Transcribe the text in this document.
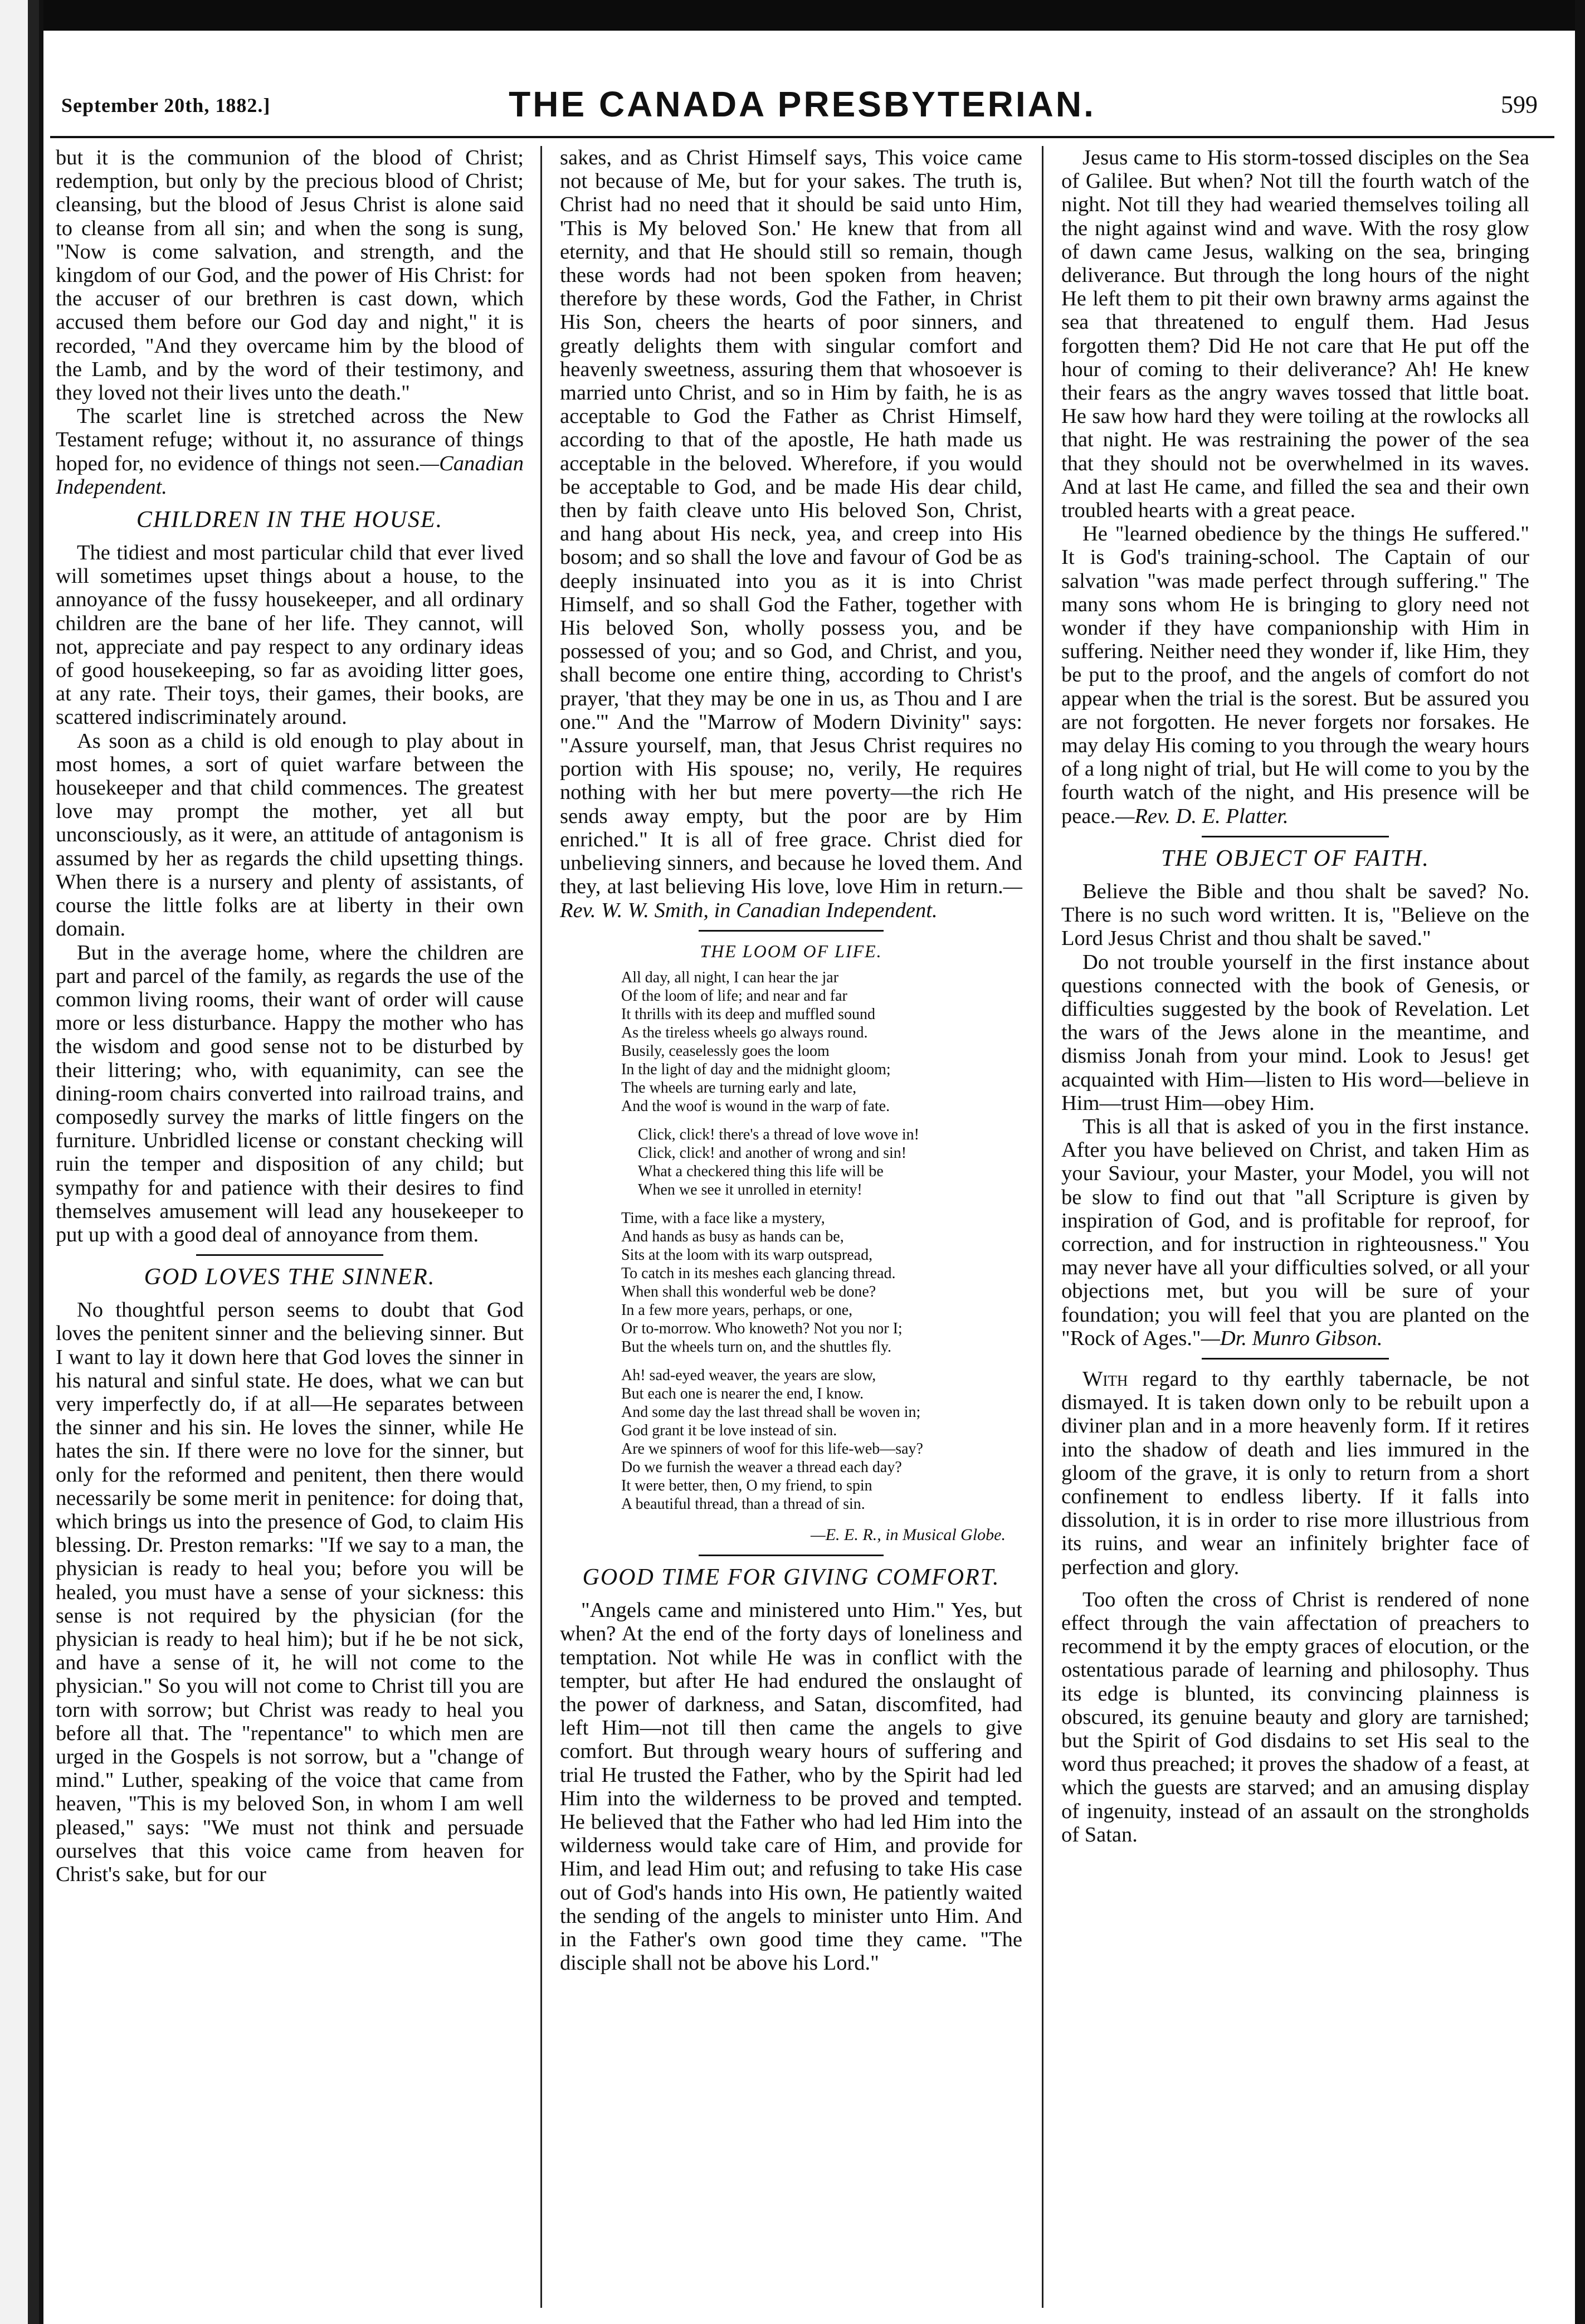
September 20th, 1882.]	THE CANADA PRESBYTERIAN.	599

but it is the communion of the blood of Christ; redemption, but only by the precious blood of Christ; cleansing, but the blood of Jesus Christ is alone said to cleanse from all sin; and when the song is sung, "Now is come salvation, and strength, and the kingdom of our God, and the power of His Christ: for the accuser of our brethren is cast down, which accused them before our God day and night," it is recorded, "And they overcame him by the blood of the Lamb, and by the word of their testimony, and they loved not their lives unto the death."

The scarlet line is stretched across the New Testament refuge; without it, no assurance of things hoped for, no evidence of things not seen.—Canadian Independent.

CHILDREN IN THE HOUSE.

The tidiest and most particular child that ever lived will sometimes upset things about a house, to the annoyance of the fussy housekeeper, and all ordinary children are the bane of her life. They cannot, will not, appreciate and pay respect to any ordinary ideas of good housekeeping, so far as avoiding litter goes, at any rate. Their toys, their games, their books, are scattered indiscriminately around.

As soon as a child is old enough to play about in most homes, a sort of quiet warfare between the housekeeper and that child commences. The greatest love may prompt the mother, yet all but unconsciously, as it were, an attitude of antagonism is assumed by her as regards the child upsetting things. When there is a nursery and plenty of assistants, of course the little folks are at liberty in their own domain.

But in the average home, where the children are part and parcel of the family, as regards the use of the common living rooms, their want of order will cause more or less disturbance. Happy the mother who has the wisdom and good sense not to be disturbed by their littering; who, with equanimity, can see the dining-room chairs converted into railroad trains, and composedly survey the marks of little fingers on the furniture. Unbridled license or constant checking will ruin the temper and disposition of any child; but sympathy for and patience with their desires to find themselves amusement will lead any housekeeper to put up with a good deal of annoyance from them.

GOD LOVES THE SINNER.

No thoughtful person seems to doubt that God loves the penitent sinner and the believing sinner. But I want to lay it down here that God loves the sinner in his natural and sinful state. He does, what we can but very imperfectly do, if at all—He separates between the sinner and his sin. He loves the sinner, while He hates the sin. If there were no love for the sinner, but only for the reformed and penitent, then there would necessarily be some merit in penitence: for doing that, which brings us into the presence of God, to claim His blessing. Dr. Preston remarks: "If we say to a man, the physician is ready to heal you; before you will be healed, you must have a sense of your sickness: this sense is not required by the physician (for the physician is ready to heal him); but if he be not sick, and have a sense of it, he will not come to the physician." So you will not come to Christ till you are torn with sorrow; but Christ was ready to heal you before all that. The "repentance" to which men are urged in the Gospels is not sorrow, but a "change of mind." Luther, speaking of the voice that came from heaven, "This is my beloved Son, in whom I am well pleased," says: "We must not think and persuade ourselves that this voice came from heaven for Christ's sake, but for our

sakes, and as Christ Himself says, This voice came not because of Me, but for your sakes. The truth is, Christ had no need that it should be said unto Him, 'This is My beloved Son.' He knew that from all eternity, and that He should still so remain, though these words had not been spoken from heaven; therefore by these words, God the Father, in Christ His Son, cheers the hearts of poor sinners, and greatly delights them with singular comfort and heavenly sweetness, assuring them that whosoever is married unto Christ, and so in Him by faith, he is as acceptable to God the Father as Christ Himself, according to that of the apostle, He hath made us acceptable in the beloved. Wherefore, if you would be acceptable to God, and be made His dear child, then by faith cleave unto His beloved Son, Christ, and hang about His neck, yea, and creep into His bosom; and so shall the love and favour of God be as deeply insinuated into you as it is into Christ Himself, and so shall God the Father, together with His beloved Son, wholly possess you, and be possessed of you; and so God, and Christ, and you, shall become one entire thing, according to Christ's prayer, 'that they may be one in us, as Thou and I are one.'" And the "Marrow of Modern Divinity" says: "Assure yourself, man, that Jesus Christ requires no portion with His spouse; no, verily, He requires nothing with her but mere poverty—the rich He sends away empty, but the poor are by Him enriched." It is all of free grace. Christ died for unbelieving sinners, and because he loved them. And they, at last believing His love, love Him in return.—Rev. W. W. Smith, in Canadian Independent.

THE LOOM OF LIFE.
All day, all night, I can hear the jar
Of the loom of life; and near and far
It thrills with its deep and muffled sound
As the tireless wheels go always round.
Busily, ceaselessly goes the loom
In the light of day and the midnight gloom;
The wheels are turning early and late,
And the woof is wound in the warp of fate.
Click, click! there's a thread of love wove in!
Click, click! and another of wrong and sin!
What a checkered thing this life will be
When we see it unrolled in eternity!
Time, with a face like a mystery,
And hands as busy as hands can be,
Sits at the loom with its warp outspread,
To catch in its meshes each glancing thread.
When shall this wonderful web be done?
In a few more years, perhaps, or one,
Or to-morrow. Who knoweth? Not you nor I;
But the wheels turn on, and the shuttles fly.
Ah! sad-eyed weaver, the years are slow,
But each one is nearer the end, I know.
And some day the last thread shall be woven in;
God grant it be love instead of sin.
Are we spinners of woof for this life-web—say?
Do we furnish the weaver a thread each day?
It were better, then, O my friend, to spin
A beautiful thread, than a thread of sin.
—E. E. R., in Musical Globe.
GOOD TIME FOR GIVING COMFORT.

"Angels came and ministered unto Him." Yes, but when? At the end of the forty days of loneliness and temptation. Not while He was in conflict with the tempter, but after He had endured the onslaught of the power of darkness, and Satan, discomfited, had left Him—not till then came the angels to give comfort. But through weary hours of suffering and trial He trusted the Father, who by the Spirit had led Him into the wilderness to be proved and tempted. He believed that the Father who had led Him into the wilderness would take care of Him, and provide for Him, and lead Him out; and refusing to take His case out of God's hands into His own, He patiently waited the sending of the angels to minister unto Him. And in the Father's own good time they came. "The disciple shall not be above his Lord."

Jesus came to His storm-tossed disciples on the Sea of Galilee. But when? Not till the fourth watch of the night. Not till they had wearied themselves toiling all the night against wind and wave. With the rosy glow of dawn came Jesus, walking on the sea, bringing deliverance. But through the long hours of the night He left them to pit their own brawny arms against the sea that threatened to engulf them. Had Jesus forgotten them? Did He not care that He put off the hour of coming to their deliverance? Ah! He knew their fears as the angry waves tossed that little boat. He saw how hard they were toiling at the rowlocks all that night. He was restraining the power of the sea that they should not be overwhelmed in its waves. And at last He came, and filled the sea and their own troubled hearts with a great peace.

He "learned obedience by the things He suffered." It is God's training-school. The Captain of our salvation "was made perfect through suffering." The many sons whom He is bringing to glory need not wonder if they have companionship with Him in suffering. Neither need they wonder if, like Him, they be put to the proof, and the angels of comfort do not appear when the trial is the sorest. But be assured you are not forgotten. He never forgets nor forsakes. He may delay His coming to you through the weary hours of a long night of trial, but He will come to you by the fourth watch of the night, and His presence will be peace.—Rev. D. E. Platter.

THE OBJECT OF FAITH.

Believe the Bible and thou shalt be saved? No. There is no such word written. It is, "Believe on the Lord Jesus Christ and thou shalt be saved."

Do not trouble yourself in the first instance about questions connected with the book of Genesis, or difficulties suggested by the book of Revelation. Let the wars of the Jews alone in the meantime, and dismiss Jonah from your mind. Look to Jesus! get acquainted with Him—listen to His word—believe in Him—trust Him—obey Him.

This is all that is asked of you in the first instance. After you have believed on Christ, and taken Him as your Saviour, your Master, your Model, you will not be slow to find out that "all Scripture is given by inspiration of God, and is profitable for reproof, for correction, and for instruction in righteousness." You may never have all your difficulties solved, or all your objections met, but you will be sure of your foundation; you will feel that you are planted on the "Rock of Ages."—Dr. Munro Gibson.

With regard to thy earthly tabernacle, be not dismayed. It is taken down only to be rebuilt upon a diviner plan and in a more heavenly form. If it retires into the shadow of death and lies immured in the gloom of the grave, it is only to return from a short confinement to endless liberty. If it falls into dissolution, it is in order to rise more illustrious from its ruins, and wear an infinitely brighter face of perfection and glory.

Too often the cross of Christ is rendered of none effect through the vain affectation of preachers to recommend it by the empty graces of elocution, or the ostentatious parade of learning and philosophy. Thus its edge is blunted, its convincing plainness is obscured, its genuine beauty and glory are tarnished; but the Spirit of God disdains to set His seal to the word thus preached; it proves the shadow of a feast, at which the guests are starved; and an amusing display of ingenuity, instead of an assault on the strongholds of Satan.
